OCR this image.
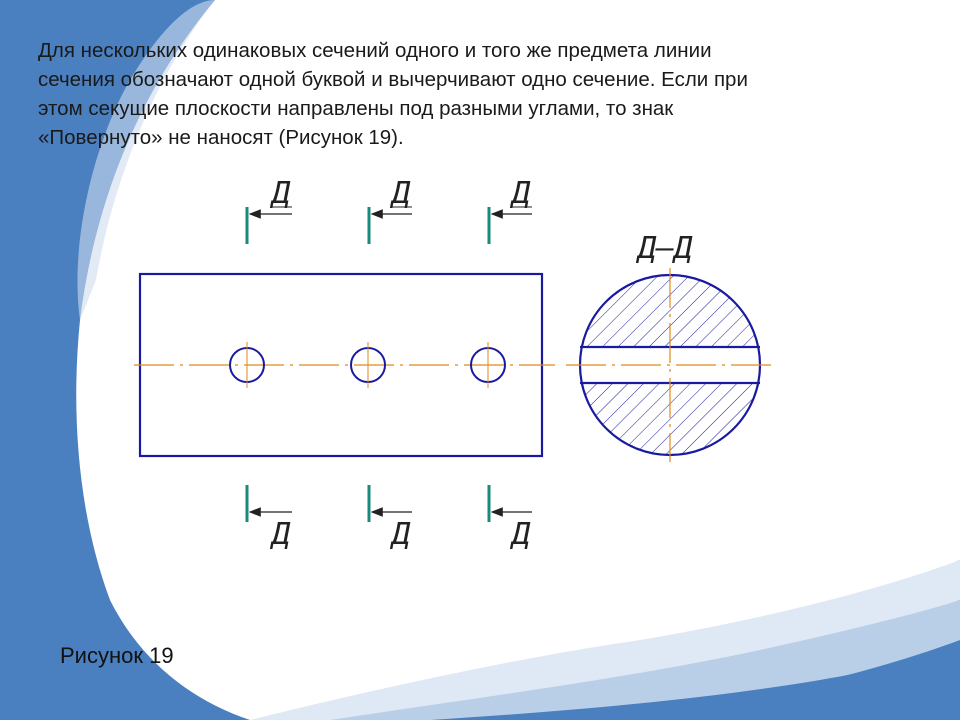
Для нескольких одинаковых сечений одного и того же предмета линии
сечения обозначают одной буквой и вычерчивают одно сечение. Если при
этом секущие плоскости направлены под разными углами, то знак
«Повернуто» не наносят (Рисунок 19).

Д	Д	Д
Д	Д	Д
Д–Д
Рисунок 19
